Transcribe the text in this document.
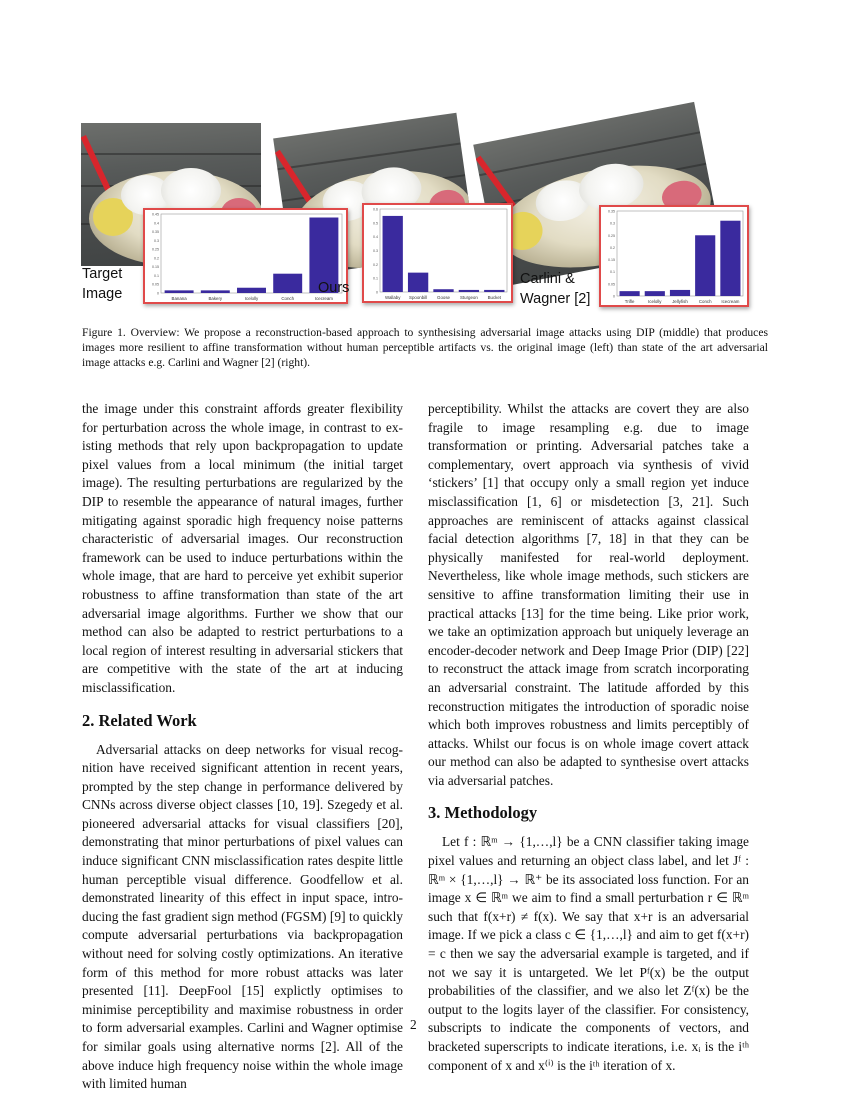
0
0.05
0.1
0.15
0.2
0.25
0.3
0.35
0.4
0.45
Banana	Bakery	Icelolly	Conch	Icecream
0
0.1
0.2
0.3
0.4
0.5
0.6
Wallaby Spoonbill Goose Sturgeon Bucket	0
0.05
0.1
0.15
0.2
0.25
0.3
0.35
Trifle	Icelolly Jellyfish	Conch Icecream
Target Image	Ours
Carlini & Wagner [2]
Figure 1. Overview: We propose a reconstruction-based approach to synthesising adversarial image attacks using DIP (middle) that produces images more resilient to affine transformation without human perceptible artifacts vs. the original image (left) than state of the art adversarial image attacks e.g. Carlini and Wagner [2] (right).

the image under this constraint affords greater flexibility for perturbation across the whole image, in contrast to existing methods that rely upon backpropagation to update pixel values from a local minimum (the initial target image). The resulting perturbations are regularized by the DIP to resemble the appearance of natural images, further mitigating against sporadic high frequency noise patterns characteristic of adversarial images. Our reconstruction framework can be used to induce perturbations within the whole image, that are hard to perceive yet exhibit superior robustness to affine transformation than state of the art adversarial image algorithms. Further we show that our method can also be adapted to restrict perturbations to a local region of interest resulting in adversarial stickers that are competitive with the state of the art at inducing misclassification.

2. Related Work

Adversarial attacks on deep networks for visual recognition have received significant attention in recent years, prompted by the step change in performance delivered by CNNs across diverse object classes [10, 19]. Szegedy et al. pioneered adversarial attacks for visual classifiers [20], demonstrating that minor perturbations of pixel values can induce significant CNN misclassification rates despite little human perceptible visual difference. Goodfellow et al. demonstrated linearity of this effect in input space, introducing the fast gradient sign method (FGSM) [9] to quickly compute adversarial perturbations via backpropagation without need for solving costly optimizations. An iterative form of this method for more robust attacks was later presented [11]. DeepFool [15] explictly optimises to minimise perceptibility and maximise robustness in order to form adversarial examples. Carlini and Wagner optimise for similar goals using alternative norms [2]. All of the above induce high frequency noise within the whole image with limited human

perceptibility. Whilst the attacks are covert they are also fragile to image resampling e.g. due to image transformation or printing. Adversarial patches take a complementary, overt approach via synthesis of vivid ‘stickers’ [1] that occupy only a small region yet induce misclassification [1, 6] or misdetection [3, 21]. Such approaches are reminiscent of attacks against classical facial detection algorithms [7, 18] in that they can be physically manifested for real-world deployment. Nevertheless, like whole image methods, such stickers are sensitive to affine transformation limiting their use in practical attacks [13] for the time being. Like prior work, we take an optimization approach but uniquely leverage an encoder-decoder network and Deep Image Prior (DIP) [22] to reconstruct the attack image from scratch incorporating an adversarial constraint. The latitude afforded by this reconstruction mitigates the introduction of sporadic noise which both improves robustness and limits perceptibly of attacks. Whilst our focus is on whole image covert attack our method can also be adapted to synthesise overt attacks via adversarial patches.

3. Methodology

Let f : ℝᵐ → {1,…,l} be a CNN classifier taking image pixel values and returning an object class label, and let Jᶠ : ℝᵐ × {1,…,l} → ℝ⁺ be its associated loss function. For an image x ∈ ℝᵐ we aim to find a small perturbation r ∈ ℝᵐ such that f(x+r) ≠ f(x). We say that x+r is an adversarial image. If we pick a class c ∈ {1,…,l} and aim to get f(x+r) = c then we say the adversarial example is targeted, and if not we say it is untargeted. We let Pᶠ(x) be the output probabilities of the classifier, and we also let Zᶠ(x) be the output to the logits layer of the classifier. For consistency, subscripts to indicate the components of vectors, and bracketed superscripts to indicate iterations, i.e. xᵢ is the iᵗʰ component of x and x⁽ⁱ⁾ is the iᵗʰ iteration of x.

2
